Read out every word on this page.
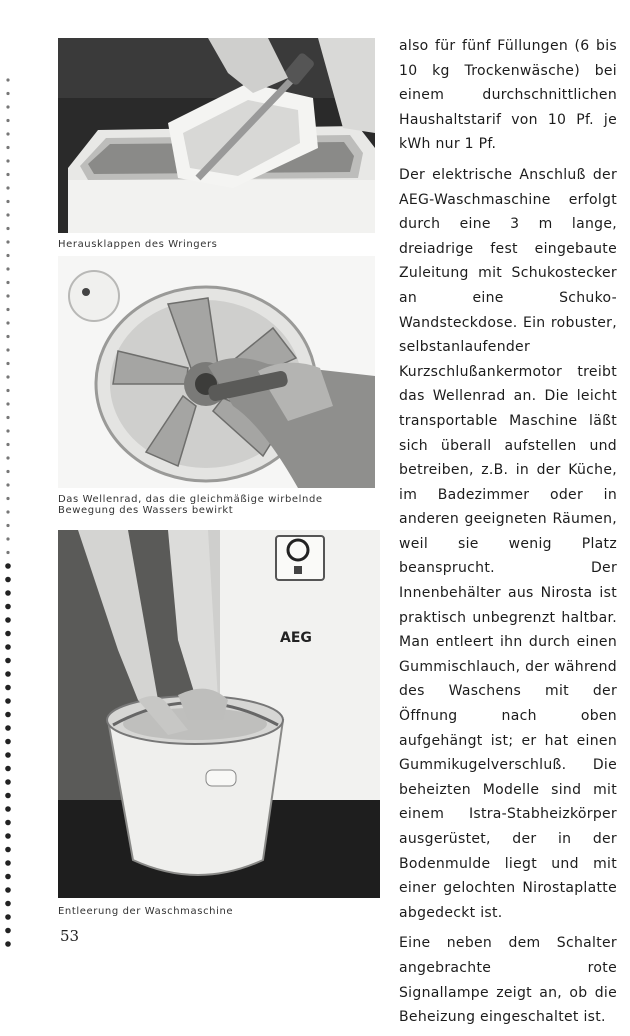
Herausklappen des Wringers
Das Wellenrad, das die gleichmäßige wirbelnde Bewegung des Wassers bewirkt
AEG
Entleerung der Waschmaschine

also für fünf Füllungen (6 bis 10 kg Trockenwäsche) bei einem durchschnittlichen Haushaltstarif von 10 Pf. je kWh nur 1 Pf.

Der elektrische Anschluß der AEG-Waschmaschine erfolgt durch eine 3 m lange, dreiadrige fest eingebaute Zuleitung mit Schukostecker an eine Schuko-Wandsteckdose. Ein robuster, selbstanlaufender Kurzschlußankermotor treibt das Wellenrad an. Die leicht transportable Maschine läßt sich überall aufstellen und betreiben, z.B. in der Küche, im Badezimmer oder in anderen geeigneten Räumen, weil sie wenig Platz beansprucht. Der Innenbehälter aus Nirosta ist praktisch unbegrenzt haltbar. Man entleert ihn durch einen Gummischlauch, der während des Waschens mit der Öffnung nach oben aufgehängt ist; er hat einen Gummikugelverschluß. Die beheizten Modelle sind mit einem Istra-Stabheizkörper ausgerüstet, der in der Bodenmulde liegt und mit einer gelochten Nirostaplatte abgedeckt ist.

Eine neben dem Schalter angebrachte rote Signallampe zeigt an, ob die Beheizung eingeschaltet ist.

53
